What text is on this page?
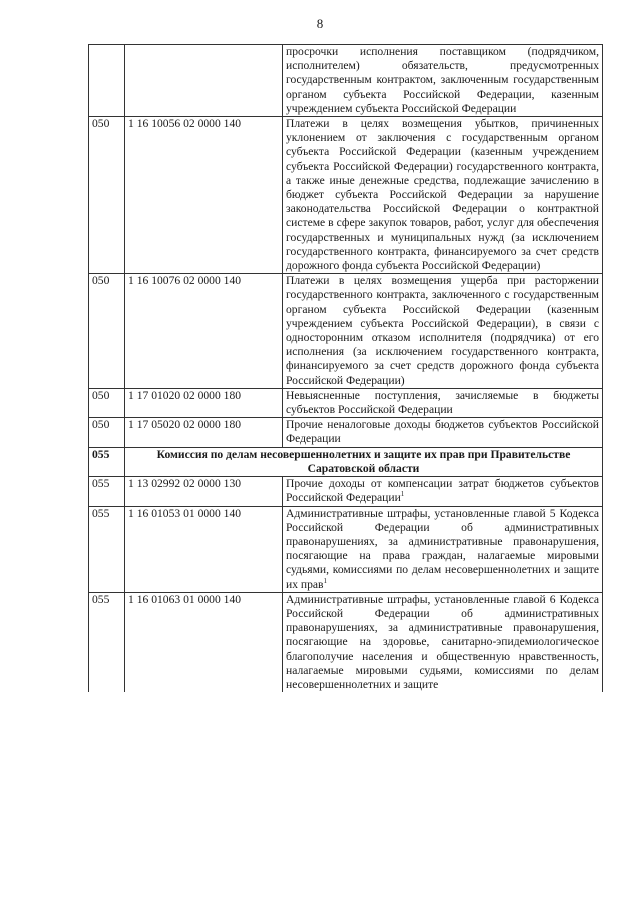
8
		просрочки исполнения поставщиком (подрядчиком, исполнителем) обязательств, предусмотренных государственным контрактом, заключенным государственным органом субъекта Российской Федерации, казенным учреждением субъекта Российской Федерации
050	1 16 10056 02 0000 140	Платежи в целях возмещения убытков, причиненных уклонением от заключения с государственным органом субъекта Российской Федерации (казенным учреждением субъекта Российской Федерации) государственного контракта, а также иные денежные средства, подлежащие зачислению в бюджет субъекта Российской Федерации за нарушение законодательства Российской Федерации о контрактной системе в сфере закупок товаров, работ, услуг для обеспечения государственных и муниципальных нужд (за исключением государственного контракта, финансируемого за счет средств дорожного фонда субъекта Российской Федерации)
050	1 16 10076 02 0000 140	Платежи в целях возмещения ущерба при расторжении государственного контракта, заключенного с государственным органом субъекта Российской Федерации (казенным учреждением субъекта Российской Федерации), в связи с односторонним отказом исполнителя (подрядчика) от его исполнения (за исключением государственного контракта, финансируемого за счет средств дорожного фонда субъекта Российской Федерации)
050	1 17 01020 02 0000 180	Невыясненные поступления, зачисляемые в бюджеты субъектов Российской Федерации
050	1 17 05020 02 0000 180	Прочие неналоговые доходы бюджетов субъектов Российской Федерации
055	Комиссия по делам несовершеннолетних и защите их прав при Правительстве Саратовской области	
055	1 13 02992 02 0000 130	Прочие доходы от компенсации затрат бюджетов субъектов Российской Федерации$^1$
055	1 16 01053 01 0000 140	Административные штрафы, установленные главой 5 Кодекса Российской Федерации об административных правонарушениях, за административные правонарушения, посягающие на права граждан, налагаемые мировыми судьями, комиссиями по делам несовершеннолетних и защите их прав$^1$
055	1 16 01063 01 0000 140	Административные штрафы, установленные главой 6 Кодекса Российской Федерации об административных правонарушениях, за административные правонарушения, посягающие на здоровье, санитарно-эпидемиологическое благополучие населения и общественную нравственность, налагаемые мировыми судьями, комиссиями по делам несовершеннолетних и защите
